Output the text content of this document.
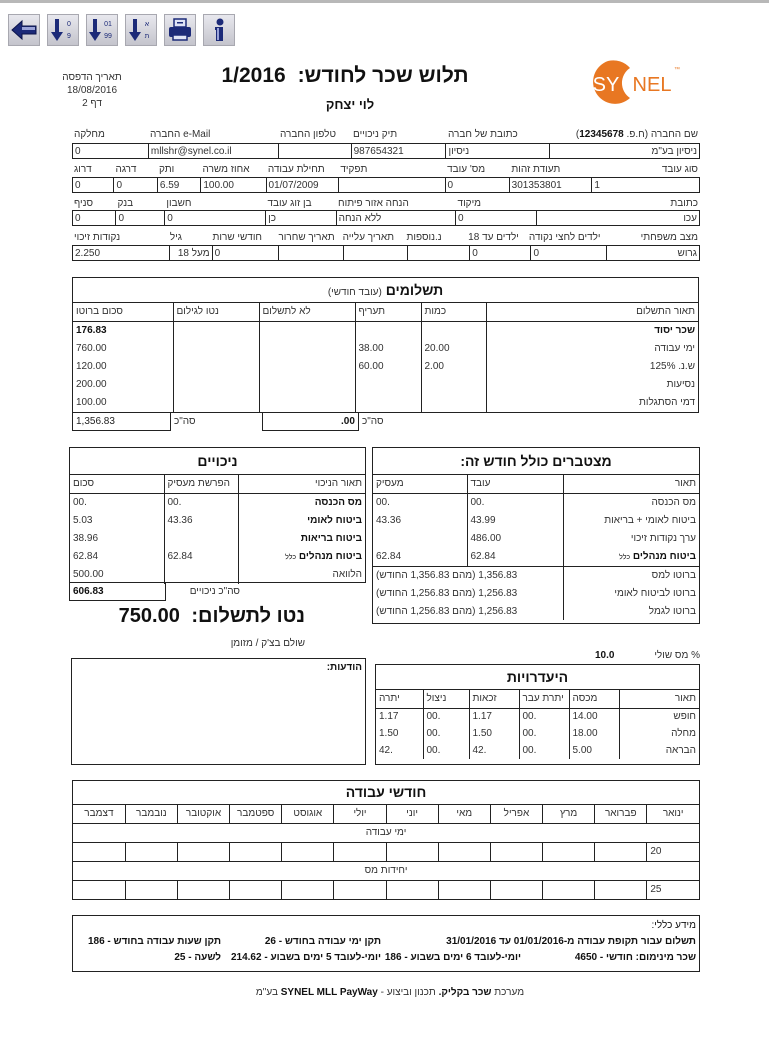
0
9
01
99
א
ת
SY NEL
™
תלוש שכר לחודש: 1/2016
לוי יצחק
תאריך הדפסה
18/08/2016
דף 2
שם החברה (ח.פ. 12345678)	כתובת של חברה	תיק ניכויים	טלפון החברה	e-Mail החברה	מחלקה
ניסיון בע"מ	ניסיון	987654321		mllshr@synel.co.il	0
סוג עובד	תעודת זהות	מס' עובד	תפקיד	תחילת עבודה	אחוז משרה	ותק	דרגה	דרוג
1	301353801	0		01/07/2009	100.00	6.59	0	0
כתובת	מיקוד	הנחה אזור פיתוח	בן זוג עובד	חשבון	בנק	סניף
עכו	0	ללא הנחה	כן	0	0	0
מצב משפחתי	ילדים לחצי נקודה	ילדים עד 18	נ.נוספות	תאריך עלייה	תאריך שחרור	חודשי שרות	גיל	נקודות זיכוי
גרוש	0	0				0	מעל 18	2.250
תשלומים (עובד חודשי)
תאור התשלום	כמות	תעריף	לא לתשלום	נטו לגילום	סכום ברוטו
שכר יסוד					176.83
ימי עבודה	20.00	38.00			760.00
ש.נ. 125%	2.00	60.00			120.00
נסיעות					200.00
דמי הסתגלות					100.00
1,356.83	סה"כ	.00 סה"כ
ניכויים
תאור הניכוי	הפרשת מעסיק	סכום
מס הכנסה	.00	.00
ביטוח לאומי	43.36	5.03
ביטוח בריאות		38.96
ביטוח מנהלים כלל	62.84	62.84
הלוואה		500.00
606.83	סה"כ ניכויים
מצטברים כולל חודש זה:
תאור	עובד	מעסיק
מס הכנסה	.00	.00
ביטוח לאומי + בריאות	43.99	43.36
ערך נקודות זיכוי	486.00	
ביטוח מנהלים כלל	62.84	62.84
ברוטו למס	1,356.83 (מהם 1,356.83 החודש)
ברוטו לביטוח לאומי	1,256.83 (מהם 1,256.83 החודש)
ברוטו לגמל	1,256.83 (מהם 1,256.83 החודש)
נטו לתשלום: 750.00
שולם בצ'ק / מזומן
% מס שולי
10.0
הודעות:
היעדרויות
תאור	מכסה	יתרת עבר	זכאות	ניצול	יתרה
חופש	14.00	.00	1.17	.00	1.17
מחלה	18.00	.00	1.50	.00	1.50
הבראה	5.00	.00	.42	.00	.42
חודשי עבודה
ינואר	פברואר	מרץ	אפריל	מאי	יוני	יולי	אוגוסט	ספטמבר	אוקטובר	נובמבר	דצמבר
ימי עבודה											
20											
יחידות מס											
25											
מידע כללי:
תשלום עבור תקופת עבודה מ-01/01/2016 עד 31/01/2016
תקן ימי עבודה בחודש - 26
תקן שעות עבודה בחודש - 186
שכר מינימום: חודשי - 4650
יומי-לעובד 6 ימים בשבוע - 186
יומי-לעובד 5 ימים בשבוע - 214.62
לשעה - 25
מערכת שכר בקליק. תכנון וביצוע - SYNEL MLL PayWay בע"מ
